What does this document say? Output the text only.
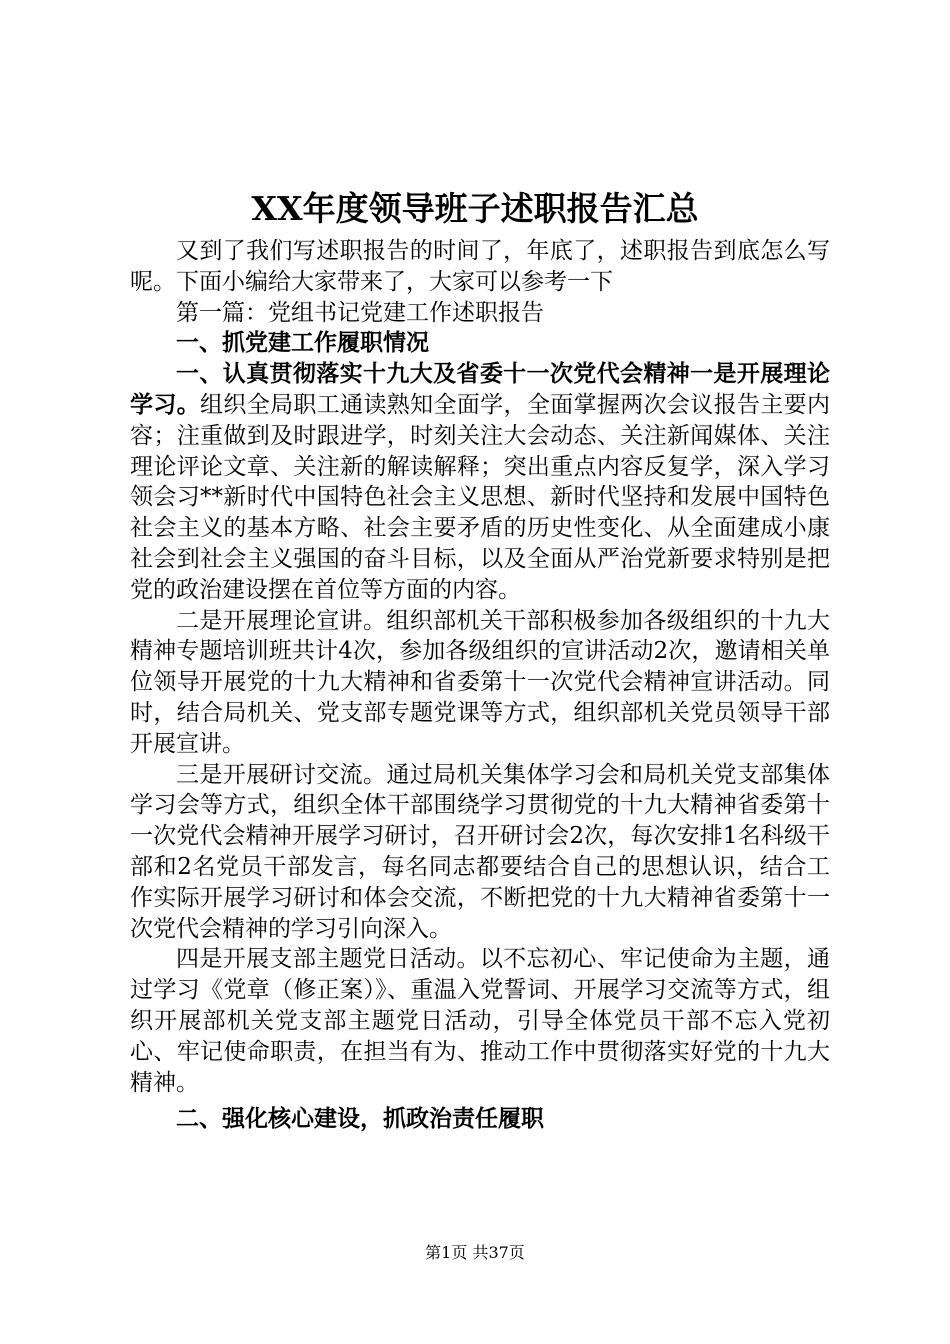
XX年度领导班子述职报告汇总

又到了我们写述职报告的时间了，年底了，述职报告到底怎么写呢。下面小编给大家带来了，大家可以参考一下

第一篇：党组书记党建工作述职报告

一、抓党建工作履职情况

一、认真贯彻落实十九大及省委十一次党代会精神一是开展理论学习。组织全局职工通读熟知全面学，全面掌握两次会议报告主要内容；注重做到及时跟进学，时刻关注大会动态、关注新闻媒体、关注理论评论文章、关注新的解读解释；突出重点内容反复学，深入学习领会习**新时代中国特色社会主义思想、新时代坚持和发展中国特色社会主义的基本方略、社会主要矛盾的历史性变化、从全面建成小康社会到社会主义强国的奋斗目标，以及全面从严治党新要求特别是把党的政治建设摆在首位等方面的内容。

二是开展理论宣讲。组织部机关干部积极参加各级组织的十九大精神专题培训班共计4次，参加各级组织的宣讲活动2次，邀请相关单位领导开展党的十九大精神和省委第十一次党代会精神宣讲活动。同时，结合局机关、党支部专题党课等方式，组织部机关党员领导干部开展宣讲。

三是开展研讨交流。通过局机关集体学习会和局机关党支部集体学习会等方式，组织全体干部围绕学习贯彻党的十九大精神省委第十一次党代会精神开展学习研讨，召开研讨会2次，每次安排1名科级干部和2名党员干部发言，每名同志都要结合自己的思想认识，结合工作实际开展学习研讨和体会交流，不断把党的十九大精神省委第十一次党代会精神的学习引向深入。

四是开展支部主题党日活动。以不忘初心、牢记使命为主题，通过学习《党章（修正案）》、重温入党誓词、开展学习交流等方式，组织开展部机关党支部主题党日活动，引导全体党员干部不忘入党初心、牢记使命职责，在担当有为、推动工作中贯彻落实好党的十九大精神。

二、强化核心建设，抓政治责任履职

第1页 共37页
